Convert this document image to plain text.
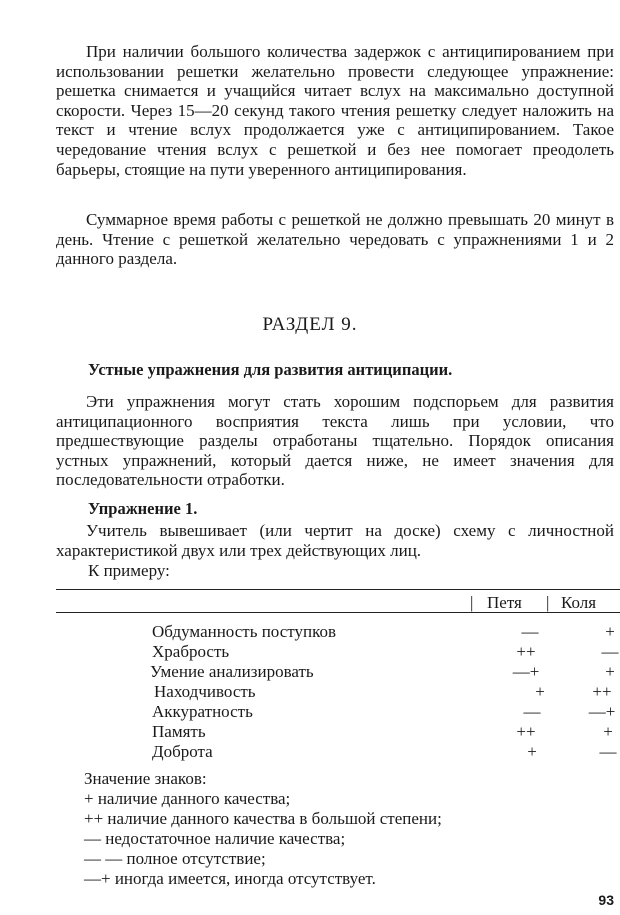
При наличии большого количества задержок с антиципированием при использовании решетки желательно провести следующее упражнение: решетка снимается и учащийся читает вслух на максимально доступной скорости. Через 15—20 секунд такого чтения решетку следует наложить на текст и чтение вслух продолжается уже с антиципированием. Такое чередование чтения вслух с решеткой и без нее помогает преодолеть барьеры, стоящие на пути уверенного антиципирования.

Суммарное время работы с решеткой не должно превышать 20 минут в день. Чтение с решеткой желательно чередовать с упражнениями 1 и 2 данного раздела.

РАЗДЕЛ 9.
Устные упражнения для развития антиципации.

Эти упражнения могут стать хорошим подспорьем для развития антиципационного восприятия текста лишь при условии, что предшествующие разделы отработаны тщательно. Порядок описания устных упражнений, который дается ниже, не имеет значения для последовательности отработки.

Упражнение 1.

Учитель вывешивает (или чертит на доске) схему с личностной характеристикой двух или трех действующих лиц.

К примеру:
| Петя | Коля
Обдуманность поступков	—	+
Храбрость	++	—
Умение анализировать	—+	+
Находчивость	+	++
Аккуратность	—	—+
Память	++	+
Доброта	+	—
Значение знаков:
+ наличие данного качества;
++ наличие данного качества в большой степени;
— недостаточное наличие качества;
— — полное отсутствие;
—+ иногда имеется, иногда отсутствует.
93
